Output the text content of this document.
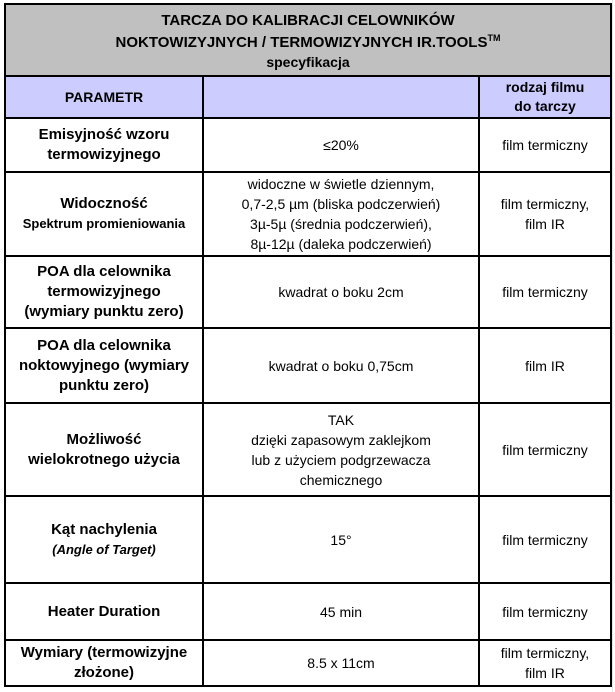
TARCZA DO KALIBRACJI CELOWNIKÓW
NOKTOWIZYJNYCH / TERMOWIZYJNYCH IR.TOOLS™
specyfikacja		

PARAMETR		rodzaj filmu
do tarczy
Emisyjność wzoru
termowizyjnego	≤20%	film termiczny
Widoczność
Spektrum promieniowania	widoczne w świetle dziennym,
0,7-2,5 µm (bliska podczerwień)
3µ-5µ (średnia podczerwień),
8µ-12µ (daleka podczerwień)	film termiczny,
film IR
POA dla celownika
termowizyjnego
(wymiary punktu zero)	kwadrat o boku 2cm	film termiczny
POA dla celownika
noktowyjnego (wymiary
punktu zero)	kwadrat o boku 0,75cm	film IR
Możliwość
wielokrotnego użycia	TAK
dzięki zapasowym zaklejkom
lub z użyciem podgrzewacza
chemicznego	film termiczny
Kąt nachylenia
(Angle of Target)	15°	film termiczny
Heater Duration	45 min	film termiczny
Wymiary (termowizyjne
złożone)	8.5 x 11cm	film termiczny,
film IR
